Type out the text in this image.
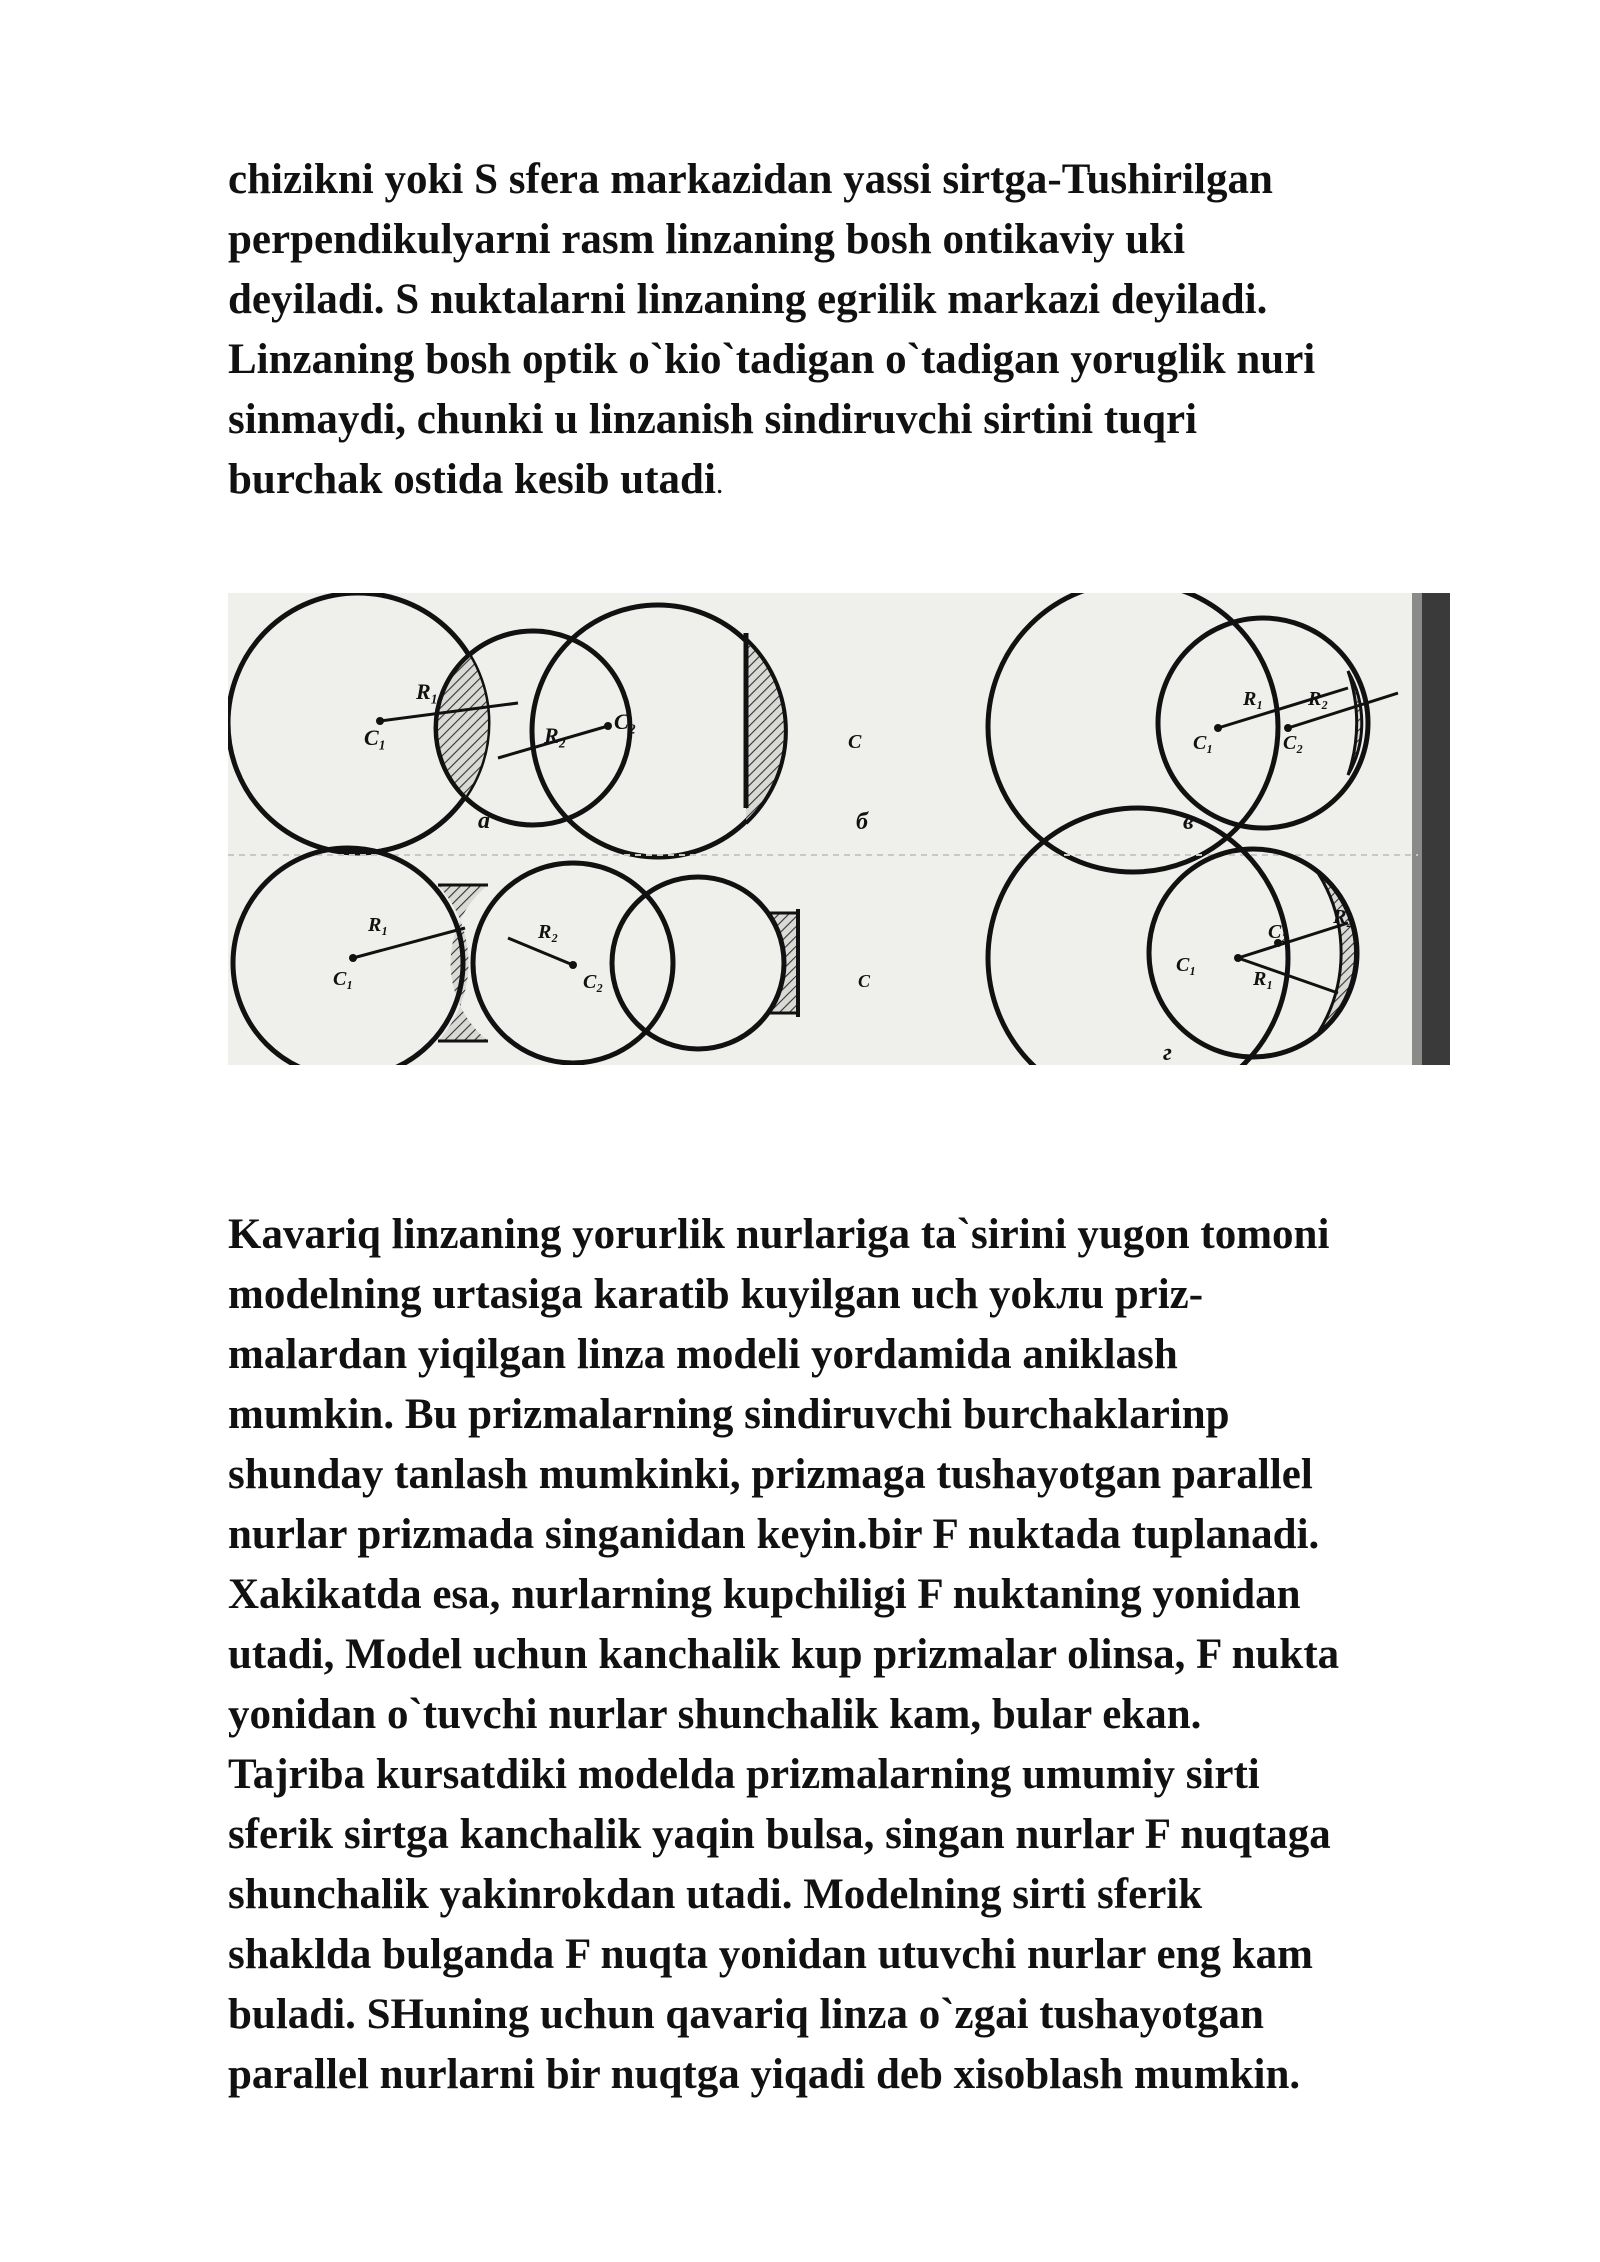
chizikni yoki S sfera markazidan yassi sirtga-Tushirilgan
perpendikulyarni rasm linzaning bosh ontikaviy uki
deyiladi. S nuktalarni linzaning egrilik markazi deyiladi.
Linzaning bosh optik o`kio`tadigan o`tadigan yoruglik nuri
sinmaydi, chunki u linzanish sindiruvchi sirtini tuqri
burchak ostida kesib utadi.
R₁
R₂
C₁
C₂
a
C
б
R₁ R₂
C₁	C₂
в
R₁	R₂
C₁	C₂	C
C₂
R₂
C₁
R₁
г
Kavariq linzaning yorurlik nurlariga ta`sirini yugon tomoni
modelning urtasiga karatib kuyilgan uch yokлu priz-
malardan yiqilgan linza modeli yordamida aniklash
mumkin. Bu prizmalarning sindiruvchi burchaklarinp
shunday tanlash mumkinki, prizmaga tushayotgan parallel
nurlar prizmada singanidan keyin.bir F nuktada tuplanadi.
Xakikatda esa, nurlarning kupchiligi F nuktaning yonidan
utadi, Model uchun kanchalik kup prizmalar olinsa, F nukta
yonidan o`tuvchi nurlar shunchalik kam, bular ekan.
Tajriba kursatdiki modelda prizmalarning umumiy sirti
sferik sirtga kanchalik yaqin bulsa, singan nurlar F nuqtaga
shunchalik yakinrokdan utadi. Modelning sirti sferik
shaklda bulganda F nuqta yonidan utuvchi nurlar eng kam
buladi. SHuning uchun qavariq linza o`zgai tushayotgan
parallel nurlarni bir nuqtga yiqadi deb xisoblash mumkin.
